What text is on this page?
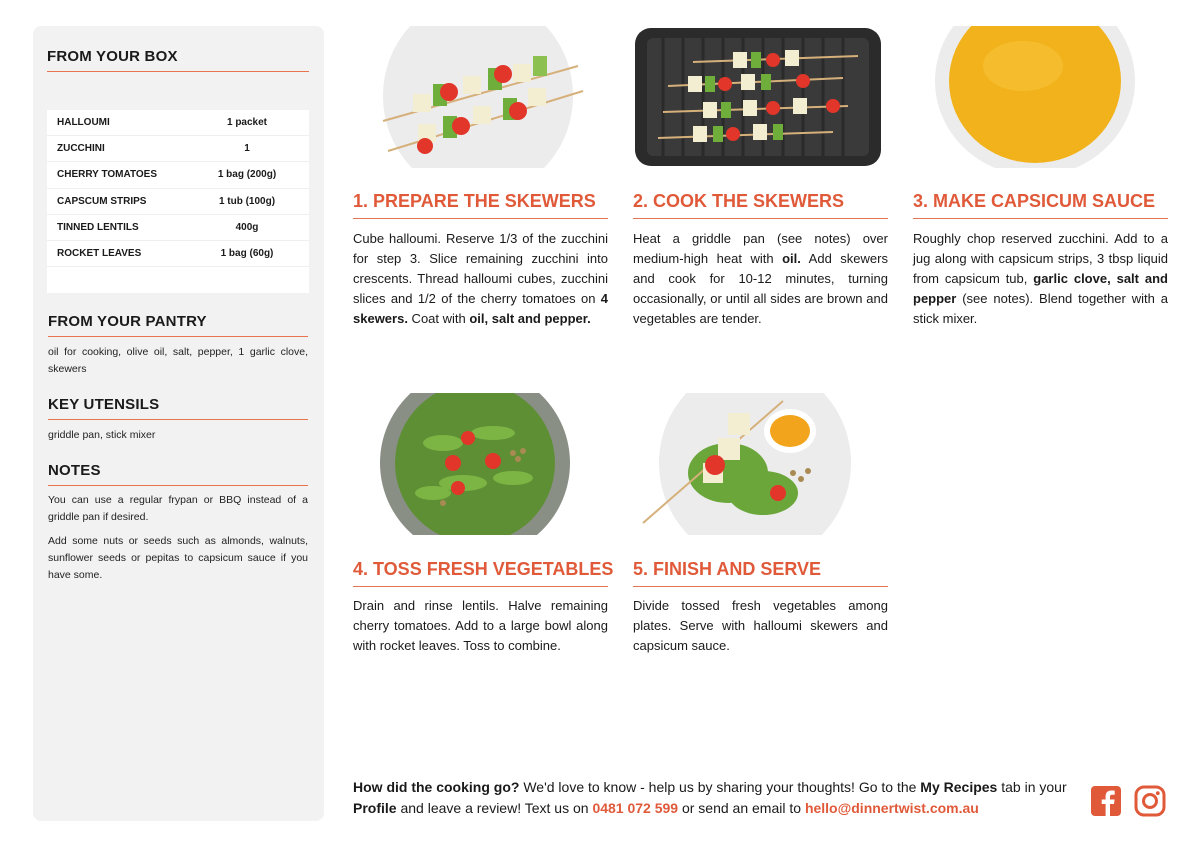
FROM YOUR BOX
HALLOUMI	1 packet
ZUCCHINI	1
CHERRY TOMATOES	1 bag (200g)
CAPSCUM STRIPS	1 tub (100g)
TINNED LENTILS	400g
ROCKET LEAVES	1 bag (60g)
FROM YOUR PANTRY
oil for cooking, olive oil, salt, pepper, 1 garlic clove, skewers
KEY UTENSILS
griddle pan, stick mixer
NOTES
You can use a regular frypan or BBQ instead of a griddle pan if desired.
Add some nuts or seeds such as almonds, walnuts, sunflower seeds or pepitas to capsicum sauce if you have some.
1. PREPARE THE SKEWERS
Cube halloumi. Reserve 1/3 of the zucchini for step 3. Slice remaining zucchini into crescents. Thread halloumi cubes, zucchini slices and 1/2 of the cherry tomatoes on 4 skewers. Coat with oil, salt and pepper.
2. COOK THE SKEWERS
Heat a griddle pan (see notes) over medium-high heat with oil. Add skewers and cook for 10-12 minutes, turning occasionally, or until all sides are brown and vegetables are tender.
3. MAKE CAPSICUM SAUCE
Roughly chop reserved zucchini. Add to a jug along with capsicum strips, 3 tbsp liquid from capsicum tub, garlic clove, salt and pepper (see notes). Blend together with a stick mixer.
4. TOSS FRESH VEGETABLES
Drain and rinse lentils. Halve remaining cherry tomatoes. Add to a large bowl along with rocket leaves. Toss to combine.
5. FINISH AND SERVE
Divide tossed fresh vegetables among plates. Serve with halloumi skewers and capsicum sauce.
How did the cooking go? We'd love to know - help us by sharing your thoughts! Go to the My Recipes tab in your Profile and leave a review! Text us on 0481 072 599 or send an email to hello@dinnertwist.com.au
